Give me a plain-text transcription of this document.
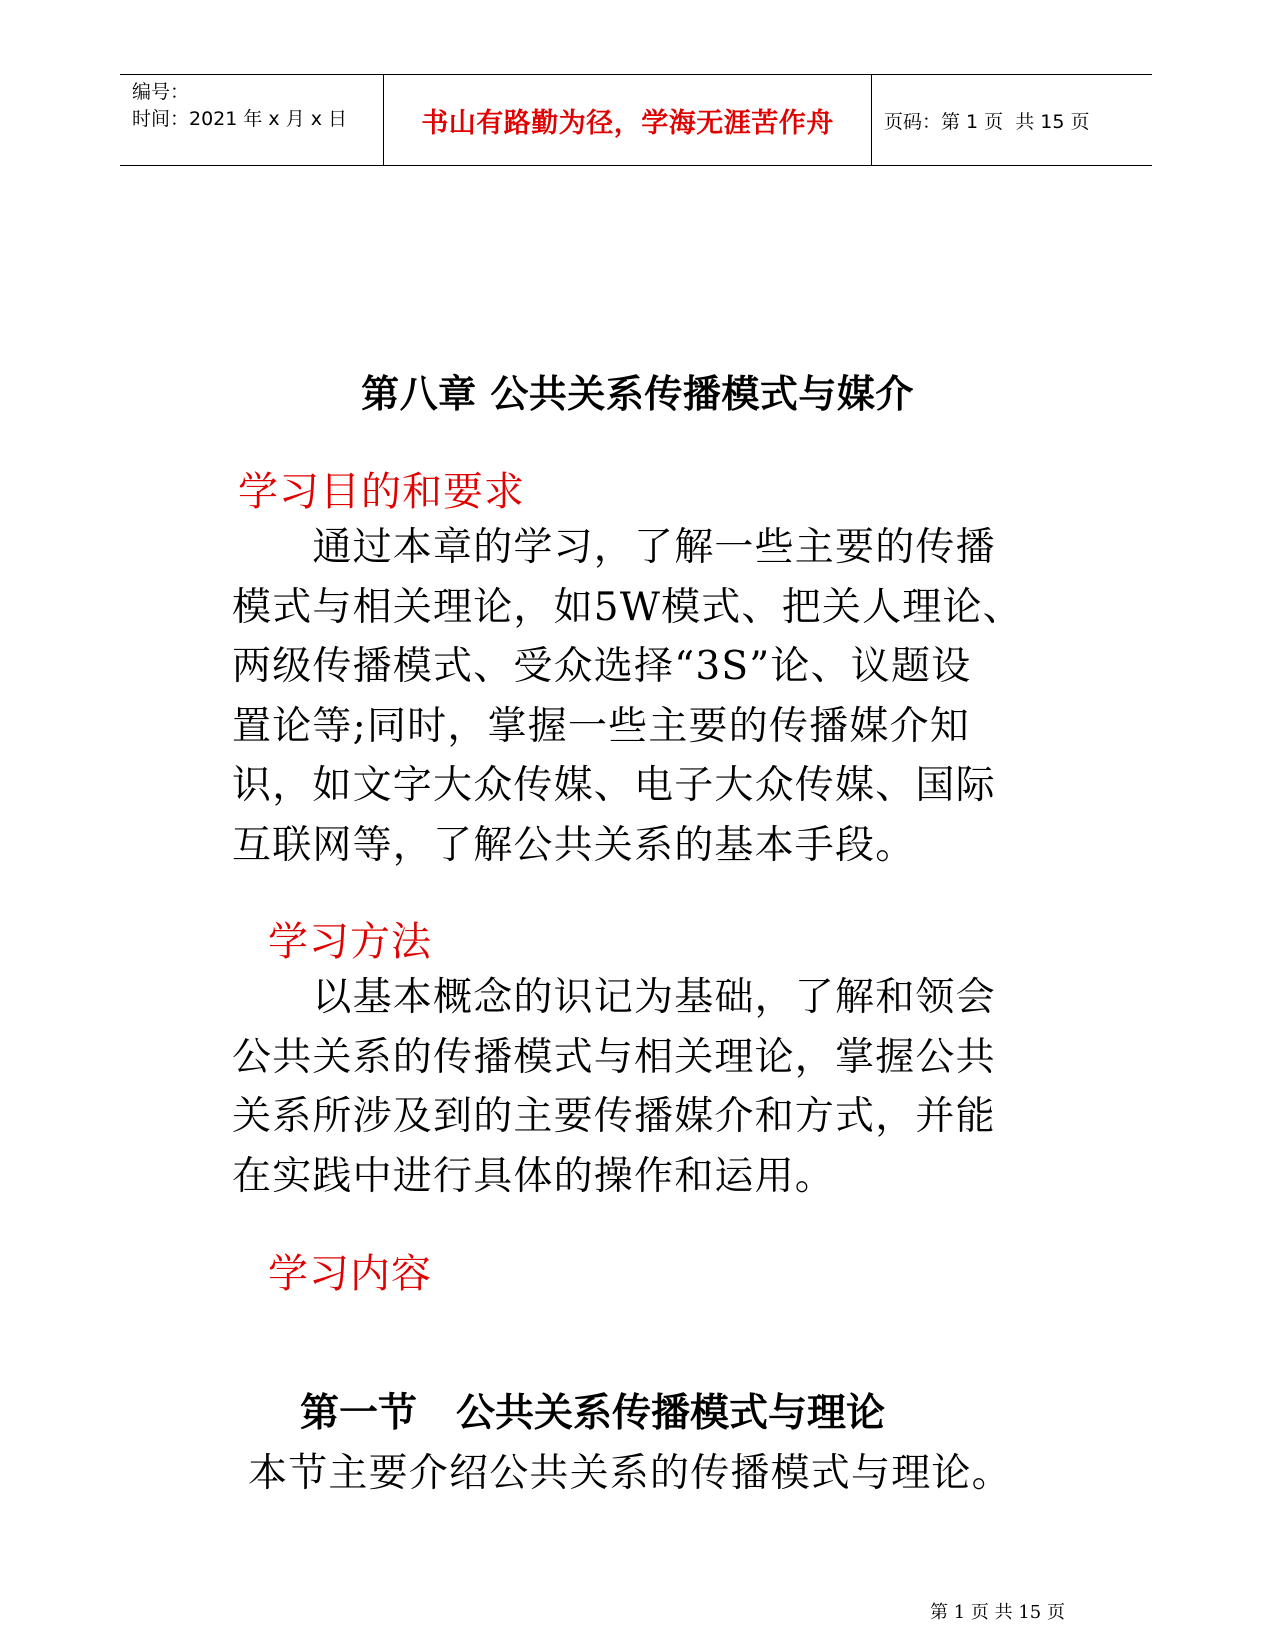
编号：
时间：2021 年 x 月 x 日	书山有路勤为径，学海无涯苦作舟	页码：第 1 页  共 15 页
第八章 公共关系传播模式与媒介
学习目的和要求
　　通过本章的学习，了解一些主要的传播
模式与相关理论，如5W模式、把关人理论、
两级传播模式、受众选择“3S”论、议题设
置论等;同时，掌握一些主要的传播媒介知
识，如文字大众传媒、电子大众传媒、国际
互联网等，了解公共关系的基本手段。
学习方法
　　以基本概念的识记为基础，了解和领会
公共关系的传播模式与相关理论，掌握公共
关系所涉及到的主要传播媒介和方式，并能
在实践中进行具体的操作和运用。
学习内容
第一节　公共关系传播模式与理论
本节主要介绍公共关系的传播模式与理论。
第 1 页 共 15 页
